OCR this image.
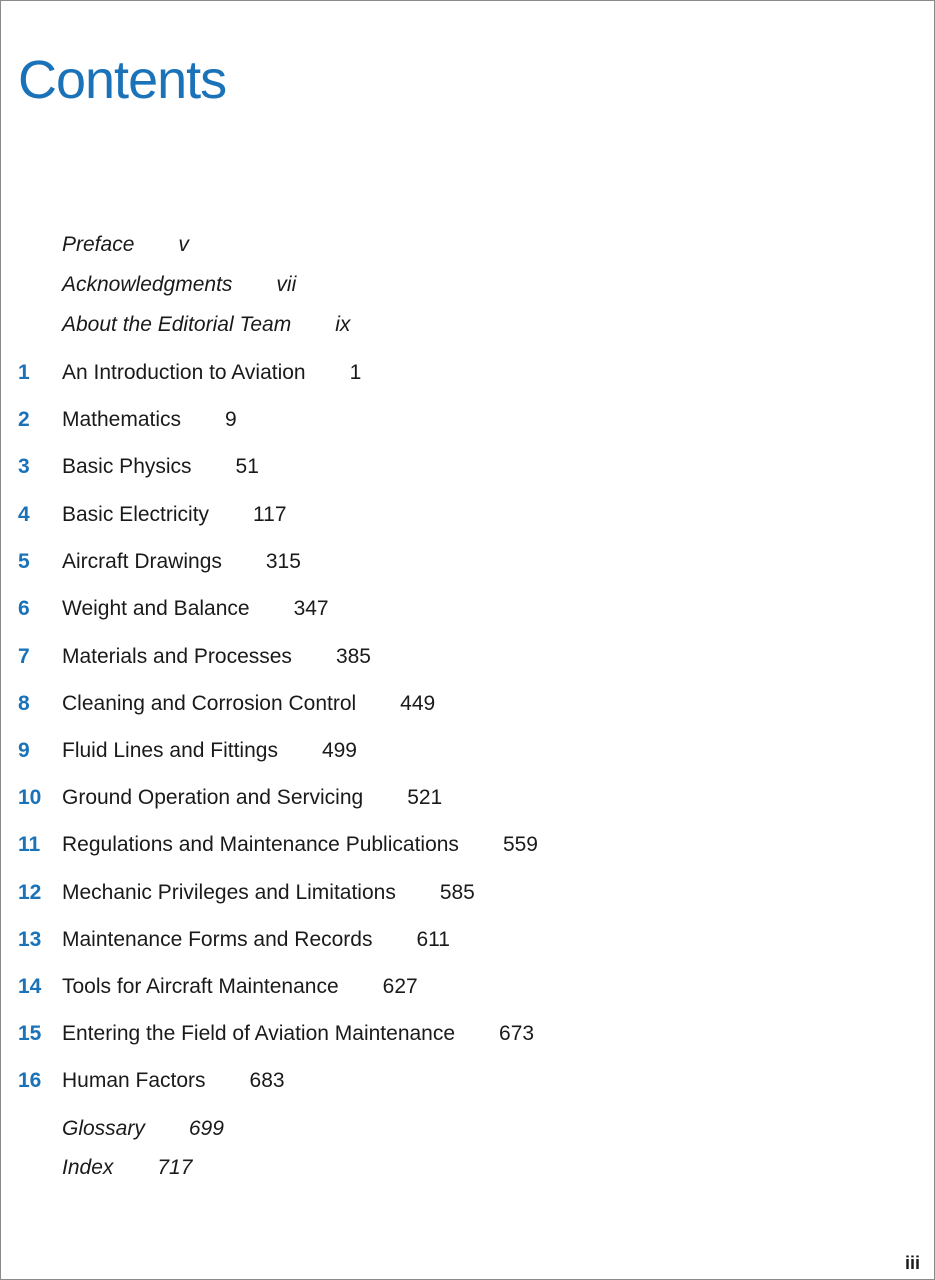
Contents
Preface v
Acknowledgments vii
About the Editorial Team ix
1	An Introduction to Aviation 1
2	Mathematics 9
3	Basic Physics 51
4	Basic Electricity 117
5	Aircraft Drawings 315
6	Weight and Balance 347
7	Materials and Processes 385
8	Cleaning and Corrosion Control 449
9	Fluid Lines and Fittings 499
10 Ground Operation and Servicing 521
11	Regulations and Maintenance Publications 559
12 Mechanic Privileges and Limitations 585
13 Maintenance Forms and Records 611
14 Tools for Aircraft Maintenance 627
15 Entering the Field of Aviation Maintenance 673
16 Human Factors 683
Glossary 699
Index 717
iii
